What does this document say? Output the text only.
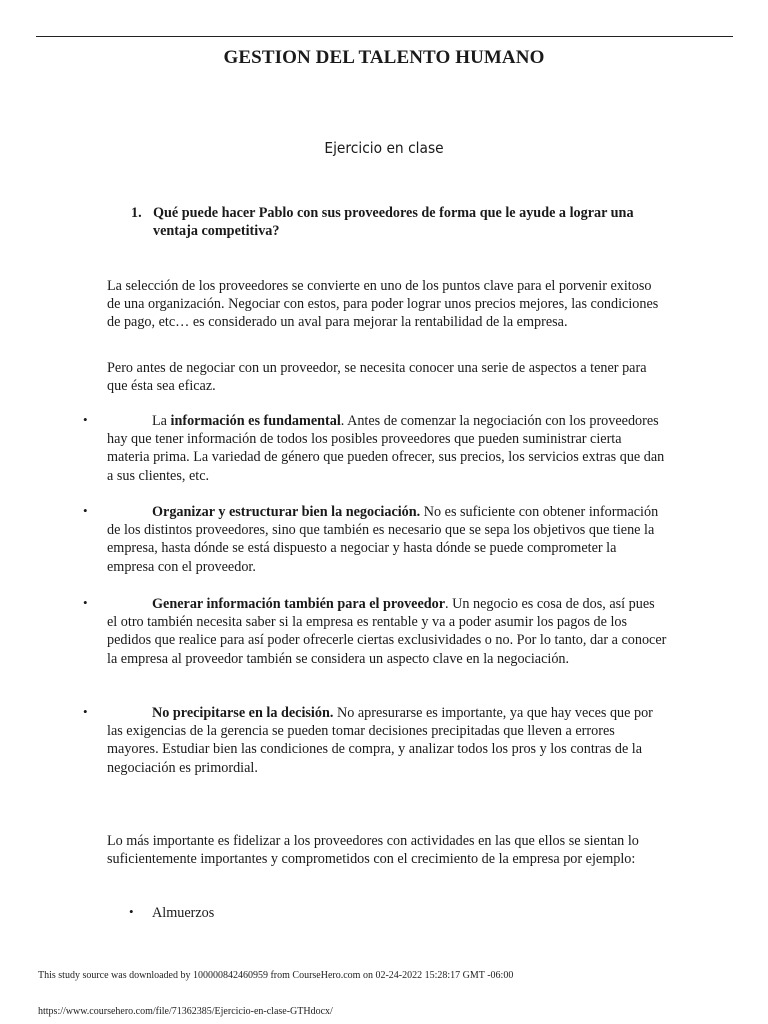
GESTION DEL TALENTO HUMANO
Ejercicio en clase
1. Qué puede hacer Pablo con sus proveedores de forma que le ayude a lograr una ventaja competitiva?

La selección de los proveedores se convierte en uno de los puntos clave para el porvenir exitoso de una organización. Negociar con estos, para poder lograr unos precios mejores, las condiciones de pago, etc… es considerado un aval para mejorar la rentabilidad de la empresa.

Pero antes de negociar con un proveedor, se necesita conocer una serie de aspectos a tener para que ésta sea eficaz.

•	La información es fundamental. Antes de comenzar la negociación con los proveedores hay que tener información de todos los posibles proveedores que pueden suministrar cierta materia prima. La variedad de género que pueden ofrecer, sus precios, los servicios extras que dan a sus clientes, etc.

•	Organizar y estructurar bien la negociación. No es suficiente con obtener información de los distintos proveedores, sino que también es necesario que se sepa los objetivos que tiene la empresa, hasta dónde se está dispuesto a negociar y hasta dónde se puede comprometer la empresa con el proveedor.

•	Generar información también para el proveedor. Un negocio es cosa de dos, así pues el otro también necesita saber si la empresa es rentable y va a poder asumir los pagos de los pedidos que realice para así poder ofrecerle ciertas exclusividades o no. Por lo tanto, dar a conocer la empresa al proveedor también se considera un aspecto clave en la negociación.

•	No precipitarse en la decisión. No apresurarse es importante, ya que hay veces que por las exigencias de la gerencia se pueden tomar decisiones precipitadas que lleven a errores mayores. Estudiar bien las condiciones de compra, y analizar todos los pros y los contras de la negociación es primordial.

Lo más importante es fidelizar a los proveedores con actividades en las que ellos se sientan lo suficientemente importantes y comprometidos con el crecimiento de la empresa por ejemplo:

• Almuerzos
This study source was downloaded by 100000842460959 from CourseHero.com on 02-24-2022 15:28:17 GMT -06:00
https://www.coursehero.com/file/71362385/Ejercicio-en-clase-GTHdocx/
